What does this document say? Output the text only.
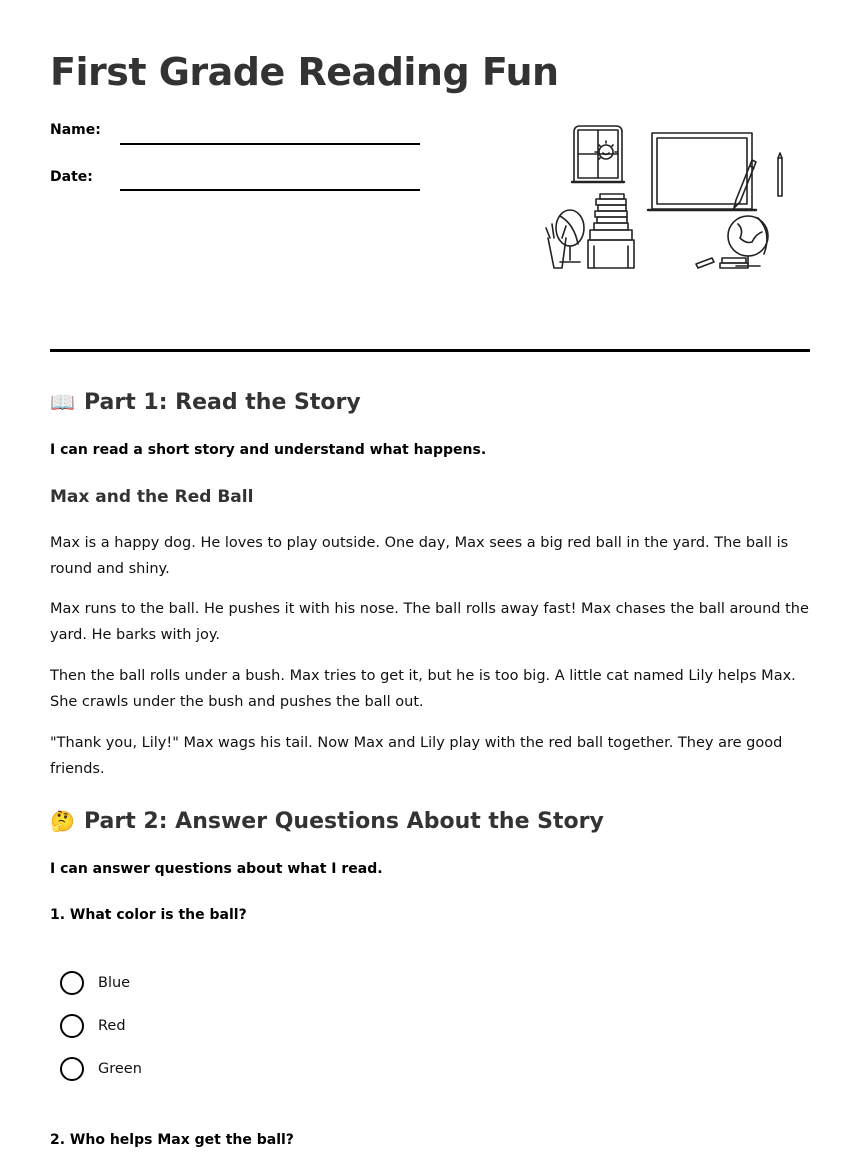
First Grade Reading Fun
Name:
Date:
📖 Part 1: Read the Story
I can read a short story and understand what happens.
Max and the Red Ball

Max is a happy dog. He loves to play outside. One day, Max sees a big red ball in the yard. The ball is round and shiny.

Max runs to the ball. He pushes it with his nose. The ball rolls away fast! Max chases the ball around the yard. He barks with joy.

Then the ball rolls under a bush. Max tries to get it, but he is too big. A little cat named Lily helps Max. She crawls under the bush and pushes the ball out.

"Thank you, Lily!" Max wags his tail. Now Max and Lily play with the red ball together. They are good friends.

🤔 Part 2: Answer Questions About the Story
I can answer questions about what I read.
1. What color is the ball?
Blue
Red
Green
2. Who helps Max get the ball?
